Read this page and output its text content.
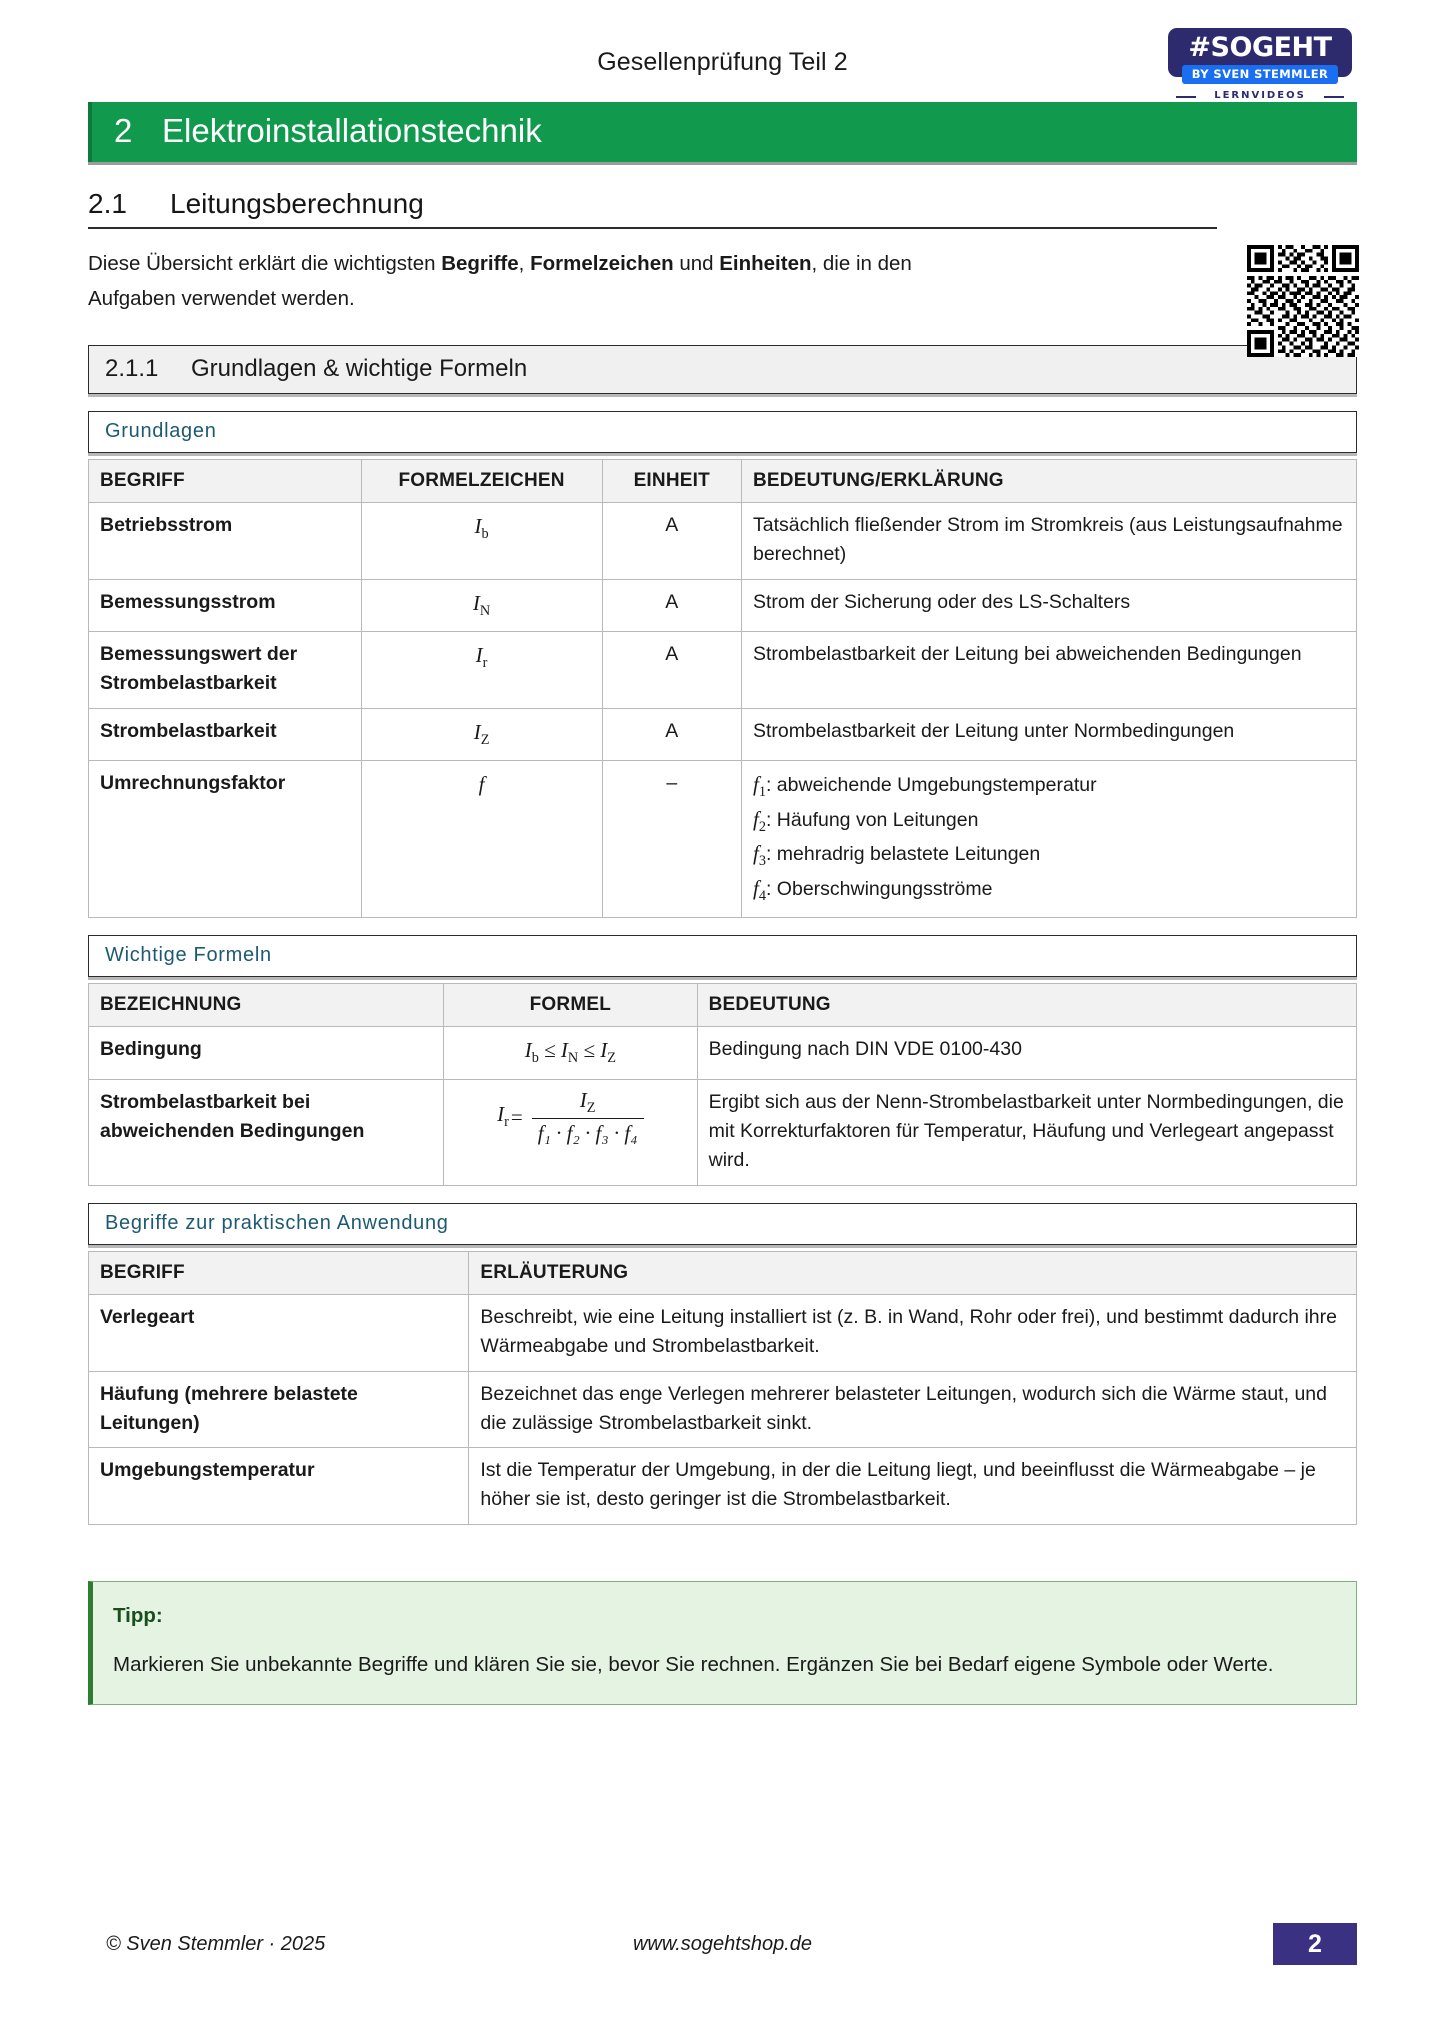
Gesellenprüfung Teil 2	#SOGEHT
BY SVEN STEMMLER
LERNVIDEOS
2 Elektroinstallationstechnik
2.1	Leitungsberechnung
Diese Übersicht erklärt die wichtigsten Begriffe, Formelzeichen und Einheiten, die in den Aufgaben verwendet werden.
2.1.1	Grundlagen & wichtige Formeln
Grundlagen
BEGRIFF	FORMELZEICHEN	EINHEIT	BEDEUTUNG/ERKLÄRUNG
Betriebsstrom	$I_b$	A	Tatsächlich fließender Strom im Stromkreis (aus Leistungsaufnahme berechnet)
Bemessungsstrom	$I_N$	A	Strom der Sicherung oder des LS-Schalters
Bemessungswert der Strombelastbarkeit	$I_r$	A	Strombelastbarkeit der Leitung bei abweichenden Bedingungen
Strombelastbarkeit	$I_Z$	A	Strombelastbarkeit der Leitung unter Normbedingungen
Umrechnungsfaktor	f	–	$f_1$: abweichende Umgebungstemperatur
$f_2$: Häufung von Leitungen
$f_3$: mehradrig belastete Leitungen
$f_4$: Oberschwingungsströme
Wichtige Formeln
BEZEICHNUNG	FORMEL	BEDEUTUNG
Bedingung	$I_b \le I_N \le I_Z$	Bedingung nach DIN VDE 0100-430
Strombelastbarkeit bei abweichenden Bedingungen	$I_r = \frac{I_Z}{\text{f₁ · f₂ · f₃ · f₄}}$	Ergibt sich aus der Nenn-Strombelastbarkeit unter Normbedingungen, die mit Korrekturfaktoren für Temperatur, Häufung und Verlegeart angepasst wird.
Begriffe zur praktischen Anwendung
BEGRIFF	ERLÄUTERUNG
Verlegeart	Beschreibt, wie eine Leitung installiert ist (z. B. in Wand, Rohr oder frei), und bestimmt dadurch ihre Wärmeabgabe und Strombelastbarkeit.
Häufung (mehrere belastete Leitungen)	Bezeichnet das enge Verlegen mehrerer belasteter Leitungen, wodurch sich die Wärme staut, und die zulässige Strombelastbarkeit sinkt.
Umgebungstemperatur	Ist die Temperatur der Umgebung, in der die Leitung liegt, und beeinflusst die Wärmeabgabe – je höher sie ist, desto geringer ist die Strombelastbarkeit.
Tipp:
Markieren Sie unbekannte Begriffe und klären Sie sie, bevor Sie rechnen. Ergänzen Sie bei Bedarf eigene Symbole oder Werte.
© Sven Stemmler · 2025	www.sogehtshop.de	2
